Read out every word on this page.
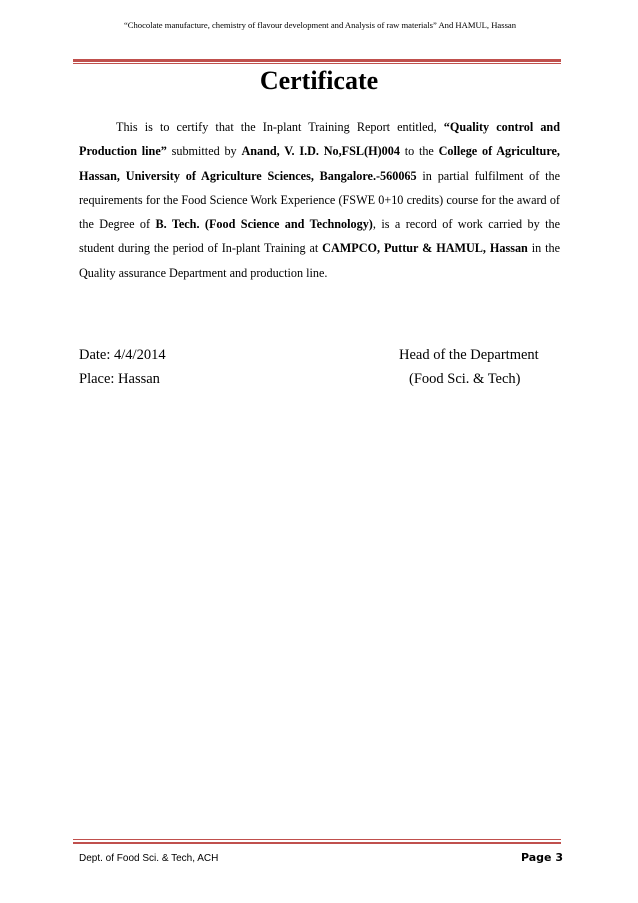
“Chocolate manufacture, chemistry of flavour development and Analysis of raw materials” And HAMUL, Hassan
Certificate
This is to certify that the In-plant Training Report entitled, “Quality control and Production line” submitted by Anand, V. I.D. No,FSL(H)004 to the College of Agriculture, Hassan, University of Agriculture Sciences, Bangalore.-560065 in partial fulfilment of the requirements for the Food Science Work Experience (FSWE 0+10 credits) course for the award of the Degree of B. Tech. (Food Science and Technology), is a record of work carried by the student during the period of In-plant Training at CAMPCO, Puttur & HAMUL, Hassan in the Quality assurance Department and production line.
Date: 4/4/2014
Place: Hassan
Head of the Department
(Food Sci. & Tech)
Dept. of Food Sci. & Tech, ACH	Page 3
